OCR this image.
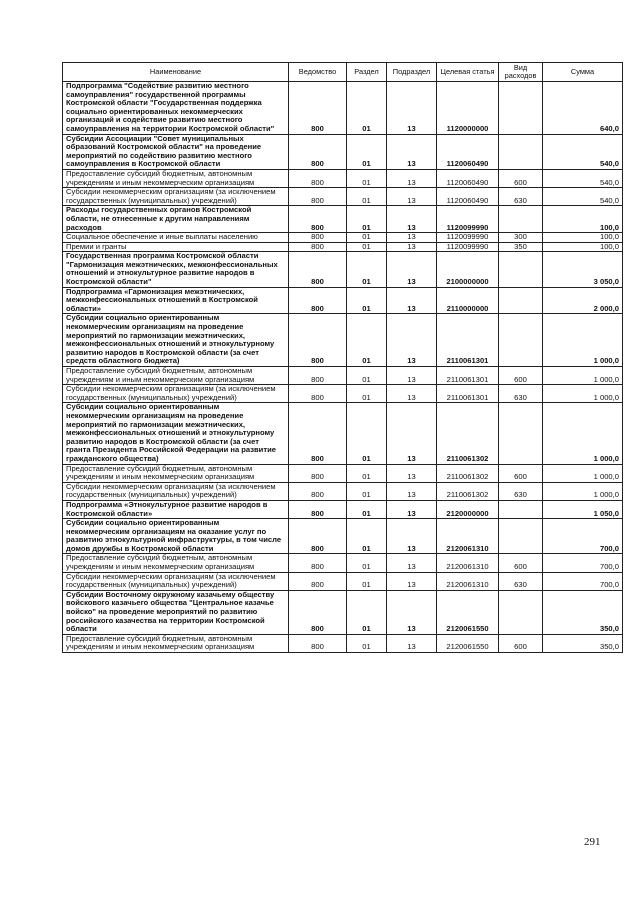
Наименование	Ведомство	Раздел	Подраздел	Целевая статья	Вид расходов	Сумма
Подпрограмма "Содействие развитию местного самоуправления" государственной программы Костромской области "Государственная поддержка социально ориентированных некоммерческих организаций и содействие развитию местного самоуправления на территории Костромской области"	800	01	13	1120000000		640,0
Субсидии Ассоциации "Совет муниципальных образований Костромской области" на проведение мероприятий по содействию развитию местного самоуправления в Костромской области	800	01	13	1120060490		540,0
Предоставление субсидий бюджетным, автономным учреждениям и иным некоммерческим организациям	800	01	13	1120060490	600	540,0
Субсидии некоммерческим организациям (за исключением государственных (муниципальных) учреждений)	800	01	13	1120060490	630	540,0
Расходы государственных органов Костромской области, не отнесенные к другим направлениям расходов	800	01	13	1120099990		100,0
Социальное обеспечение и иные выплаты населению	800	01	13	1120099990	300	100,0
Премии и гранты	800	01	13	1120099990	350	100,0
Государственная программа Костромской области "Гармонизация межэтнических, межконфессиональных отношений и этнокультурное развитие народов в Костромской области"	800	01	13	2100000000		3 050,0
Подпрограмма «Гармонизация межэтнических, межконфессиональных отношений в Костромской области»	800	01	13	2110000000		2 000,0
Субсидии социально ориентированным некоммерческим организациям на проведение мероприятий по гармонизации межэтнических, межконфессиональных отношений и этнокультурному развитию народов в Костромской области (за счет средств областного бюджета)	800	01	13	2110061301		1 000,0
Предоставление субсидий бюджетным, автономным учреждениям и иным некоммерческим организациям	800	01	13	2110061301	600	1 000,0
Субсидии некоммерческим организациям (за исключением государственных (муниципальных) учреждений)	800	01	13	2110061301	630	1 000,0
Субсидии социально ориентированным некоммерческим организациям на проведение мероприятий по гармонизации межэтнических, межконфессиональных отношений и этнокультурному развитию народов в Костромской области (за счет гранта Президента Российской Федерации на развитие гражданского общества)	800	01	13	2110061302		1 000,0
Предоставление субсидий бюджетным, автономным учреждениям и иным некоммерческим организациям	800	01	13	2110061302	600	1 000,0
Субсидии некоммерческим организациям (за исключением государственных (муниципальных) учреждений)	800	01	13	2110061302	630	1 000,0
Подпрограмма «Этнокультурное развитие народов в Костромской области»	800	01	13	2120000000		1 050,0
Субсидии социально ориентированным некоммерческим организациям на оказание услуг по развитию этнокультурной инфраструктуры, в том числе домов дружбы в Костромской области	800	01	13	2120061310		700,0
Предоставление субсидий бюджетным, автономным учреждениям и иным некоммерческим организациям	800	01	13	2120061310	600	700,0
Субсидии некоммерческим организациям (за исключением государственных (муниципальных) учреждений)	800	01	13	2120061310	630	700,0
Субсидии Восточному окружному казачьему обществу войскового казачьего общества "Центральное казачье войско" на проведение мероприятий по развитию российского казачества на территории Костромской области	800	01	13	2120061550		350,0
Предоставление субсидий бюджетным, автономным учреждениям и иным некоммерческим организациям	800	01	13	2120061550	600	350,0
291
